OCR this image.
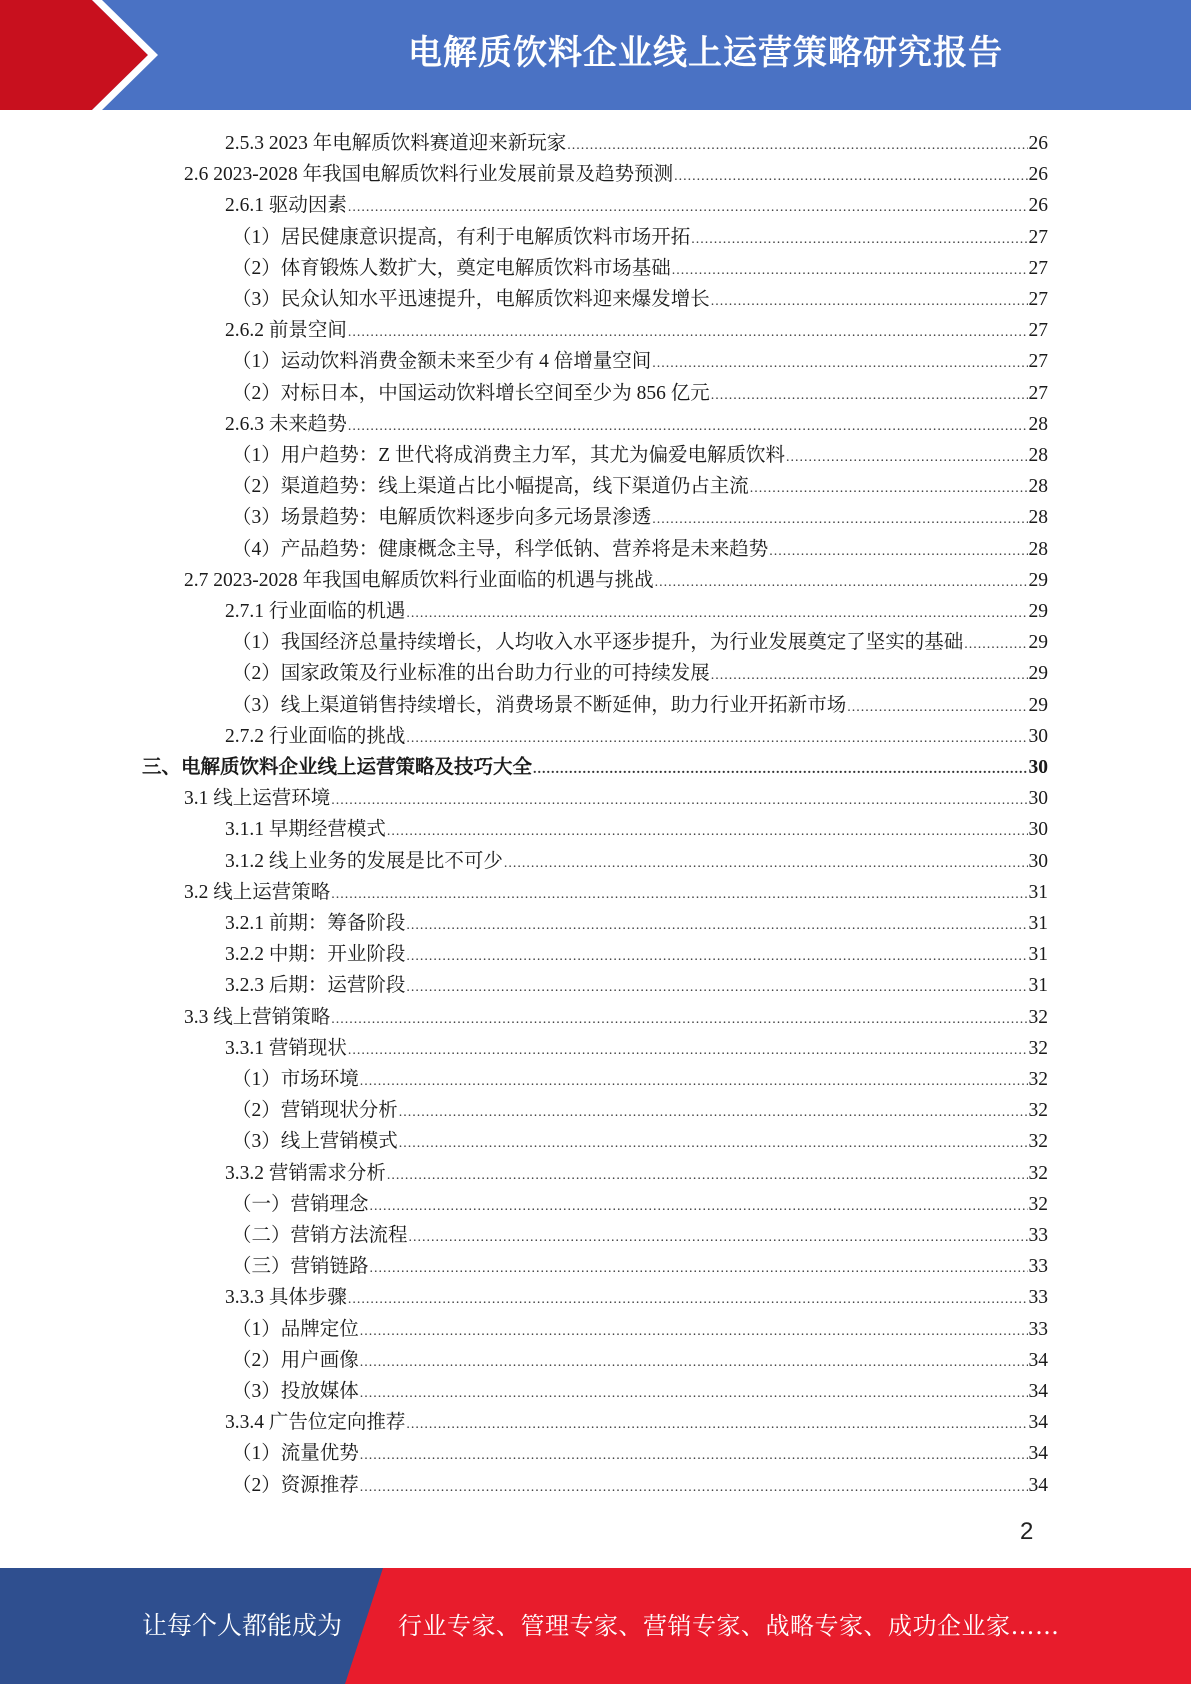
电解质饮料企业线上运营策略研究报告
2.5.3 2023 年电解质饮料赛道迎来新玩家 .....	26
2.6 2023-2028 年我国电解质饮料行业发展前景及趋势预测 .....	26
2.6.1 驱动因素 .....	26
（1）居民健康意识提高，有利于电解质饮料市场开拓 .....	27
（2）体育锻炼人数扩大，奠定电解质饮料市场基础 .....	27
（3）民众认知水平迅速提升，电解质饮料迎来爆发增长 .....	27
2.6.2 前景空间 .....	27
（1）运动饮料消费金额未来至少有 4 倍增量空间 .....	27
（2）对标日本，中国运动饮料增长空间至少为 856 亿元 .....	27
2.6.3 未来趋势 .....	28
（1）用户趋势：Z 世代将成消费主力军，其尤为偏爱电解质饮料 .....	28
（2）渠道趋势：线上渠道占比小幅提高，线下渠道仍占主流 .....	28
（3）场景趋势：电解质饮料逐步向多元场景渗透 .....	28
（4）产品趋势：健康概念主导，科学低钠、营养将是未来趋势 .....	28
2.7 2023-2028 年我国电解质饮料行业面临的机遇与挑战 .....	29
2.7.1 行业面临的机遇 .....	29
（1）我国经济总量持续增长，人均收入水平逐步提升，为行业发展奠定了坚实的基础 .....	29
（2）国家政策及行业标准的出台助力行业的可持续发展 .....	29
（3）线上渠道销售持续增长，消费场景不断延伸，助力行业开拓新市场 .....	29
2.7.2 行业面临的挑战 .....	30
三、电解质饮料企业线上运营策略及技巧大全 .....	30
3.1 线上运营环境 .....	30
3.1.1 早期经营模式 .....	30
3.1.2 线上业务的发展是比不可少 .....	30
3.2 线上运营策略 .....	31
3.2.1 前期：筹备阶段 .....	31
3.2.2 中期：开业阶段 .....	31
3.2.3 后期：运营阶段 .....	31
3.3 线上营销策略 .....	32
3.3.1 营销现状 .....	32
（1）市场环境 .....	32
（2）营销现状分析 .....	32
（3）线上营销模式 .....	32
3.3.2 营销需求分析 .....	32
（一）营销理念 .....	32
（二）营销方法流程 .....	33
（三）营销链路 .....	33
3.3.3 具体步骤 .....	33
（1）品牌定位 .....	33
（2）用户画像 .....	34
（3）投放媒体 .....	34
3.3.4 广告位定向推荐 .....	34
（1）流量优势 .....	34
（2）资源推荐 .....	34
2
让每个人都能成为 行业专家、管理专家、营销专家、战略专家、成功企业家……
